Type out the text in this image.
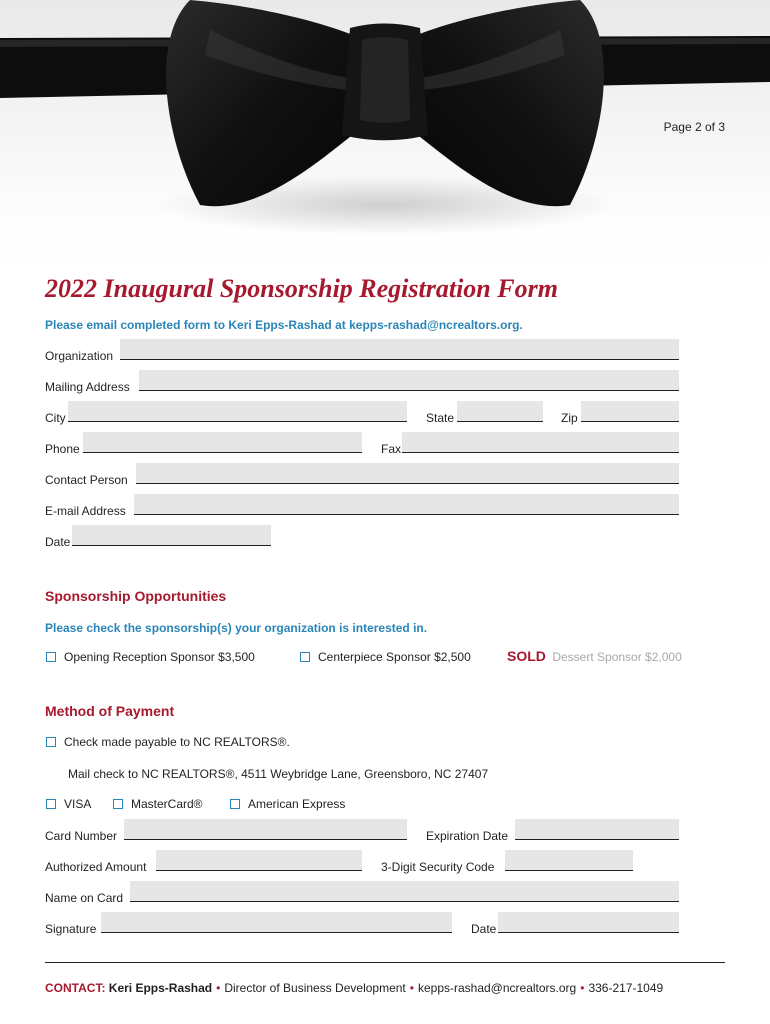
Page 2 of 3
2022 Inaugural Sponsorship Registration Form
Please email completed form to Keri Epps-Rashad at kepps-rashad@ncrealtors.org.
Organization
Mailing Address
City	State	Zip
Phone	Fax
Contact Person
E-mail Address
Date
Sponsorship Opportunities
Please check the sponsorship(s) your organization is interested in.
Opening Reception Sponsor $3,500	Centerpiece Sponsor $2,500	SOLD Dessert Sponsor $2,000
Method of Payment
Check made payable to NC REALTORS®.
Mail check to NC REALTORS®, 4511 Weybridge Lane, Greensboro, NC 27407
VISA	MasterCard®	American Express
Card Number	Expiration Date
Authorized Amount	3-Digit Security Code
Name on Card
Signature	Date
CONTACT: Keri Epps-Rashad • Director of Business Development • kepps-rashad@ncrealtors.org • 336-217-1049
